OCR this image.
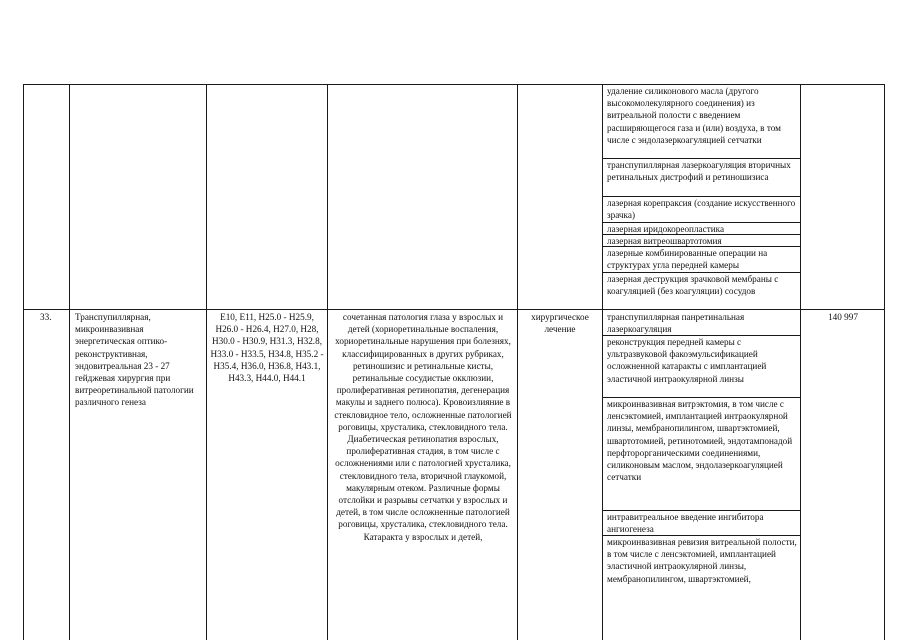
удаление силиконового масла (другого высокомолекулярного соединения) из витреальной полости с введением расширяющегося газа и (или) воздуха, в том числе с эндолазеркоагуляцией сетчатки
транспупиллярная лазеркоагуляция вторичных ретинальных дистрофий и ретиношизиса
лазерная корепраксия (создание искусственного зрачка)
лазерная иридокореопластика
лазерная витреошвартотомия
лазерные комбинированные операции на структурах угла передней камеры
лазерная деструкция зрачковой мембраны с коагуляцией (без коагуляции) сосудов
33.	Транспупиллярная, микроинвазивная энергетическая оптико-реконструктивная, эндовитреальная 23 - 27 гейджевая хирургия при витреоретинальной патологии различного генеза
E10, E11, H25.0 - H25.9, H26.0 - H26.4, H27.0, H28, H30.0 - H30.9, H31.3, H32.8, H33.0 - H33.5, H34.8, H35.2 - H35.4, H36.0, H36.8, H43.1, H43.3, H44.0, H44.1
сочетанная патология глаза у взрослых и детей (хориоретинальные воспаления, хориоретинальные нарушения при болезнях, классифицированных в других рубриках, ретиношизис и ретинальные кисты, ретинальные сосудистые окклюзии, пролиферативная ретинопатия, дегенерация макулы и заднего полюса). Кровоизлияние в стекловидное тело, осложненные патологией роговицы, хрусталика, стекловидного тела. Диабетическая ретинопатия взрослых, пролиферативная стадия, в том числе с осложнениями или с патологией хрусталика, стекловидного тела, вторичной глаукомой, макулярным отеком. Различные формы отслойки и разрывы сетчатки у взрослых и детей, в том числе осложненные патологией роговицы, хрусталика, стекловидного тела. Катаракта у взрослых и детей,
хирургическое лечение
140 997
транспупиллярная панретинальная лазеркоагуляция
реконструкция передней камеры с ультразвуковой факоэмульсификацией осложненной катаракты с имплантацией эластичной интраокулярной линзы
микроинвазивная витрэктомия, в том числе с ленсэктомией, имплантацией интраокулярной линзы, мембранопилингом, швартэктомией, швартотомией, ретинотомией, эндотампонадой перфторорганическими соединениями, силиконовым маслом, эндолазеркоагуляцией сетчатки
интравитреальное введение ингибитора ангиогенеза
микроинвазивная ревизия витреальной полости, в том числе с ленсэктомией, имплантацией эластичной интраокулярной линзы, мембранопилингом, швартэктомией,
